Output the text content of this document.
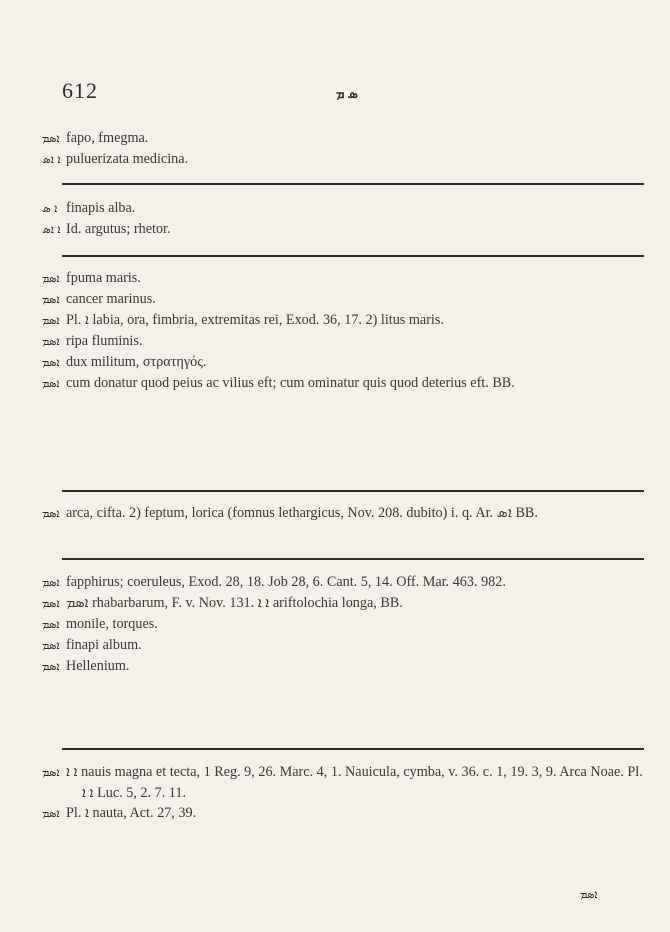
612	ܣ ܡ
ܐܣܡ fapo, fmegma.
ܐ ܐܣ puluerizata medicina.
ܐ ܣ finapis alba.
ܐ ܐܣ Id. argutus; rhetor.
ܐܣܡ fpuma maris.
ܐܣܡ cancer marinus.
ܐܣܡ Pl. ܐ labia, ora, fimbria, extremitas rei, Exod. 36, 17. 2) litus maris.
ܐܣܡ ripa fluminis.
ܐܣܡ dux militum, στρατηγός.
ܐܣܡ cum donatur quod peius ac vilius eft; cum ominatur quis quod deterius eft. BB.
ܐܣܡ arca, cifta. 2) feptum, lorica (fomnus lethargicus, Nov. 208. dubito) i. q. Ar. ܐܣ BB.
ܐܣܡ fapphirus; coeruleus, Exod. 28, 18. Job 28, 6. Cant. 5, 14. Off. Mar. 463. 982.
ܐܣܡ ܐܣܡ rhabarbarum, F. v. Nov. 131. ܐ ܐ ariftolochia longa, BB.
ܐܣܡ monile, torques.
ܐܣܡ finapi album.
ܐܣܡ Hellenium.
ܐܣܡ ܐ ܐ nauis magna et tecta, 1 Reg. 9, 26. Marc. 4, 1. Nauicula, cymba, v. 36. c. 1, 19. 3, 9. Arca Noae. Pl. ܐ ܐ Luc. 5, 2. 7. 11.
ܐܣܡ Pl. ܐ nauta, Act. 27, 39.
ܐܣܡ
